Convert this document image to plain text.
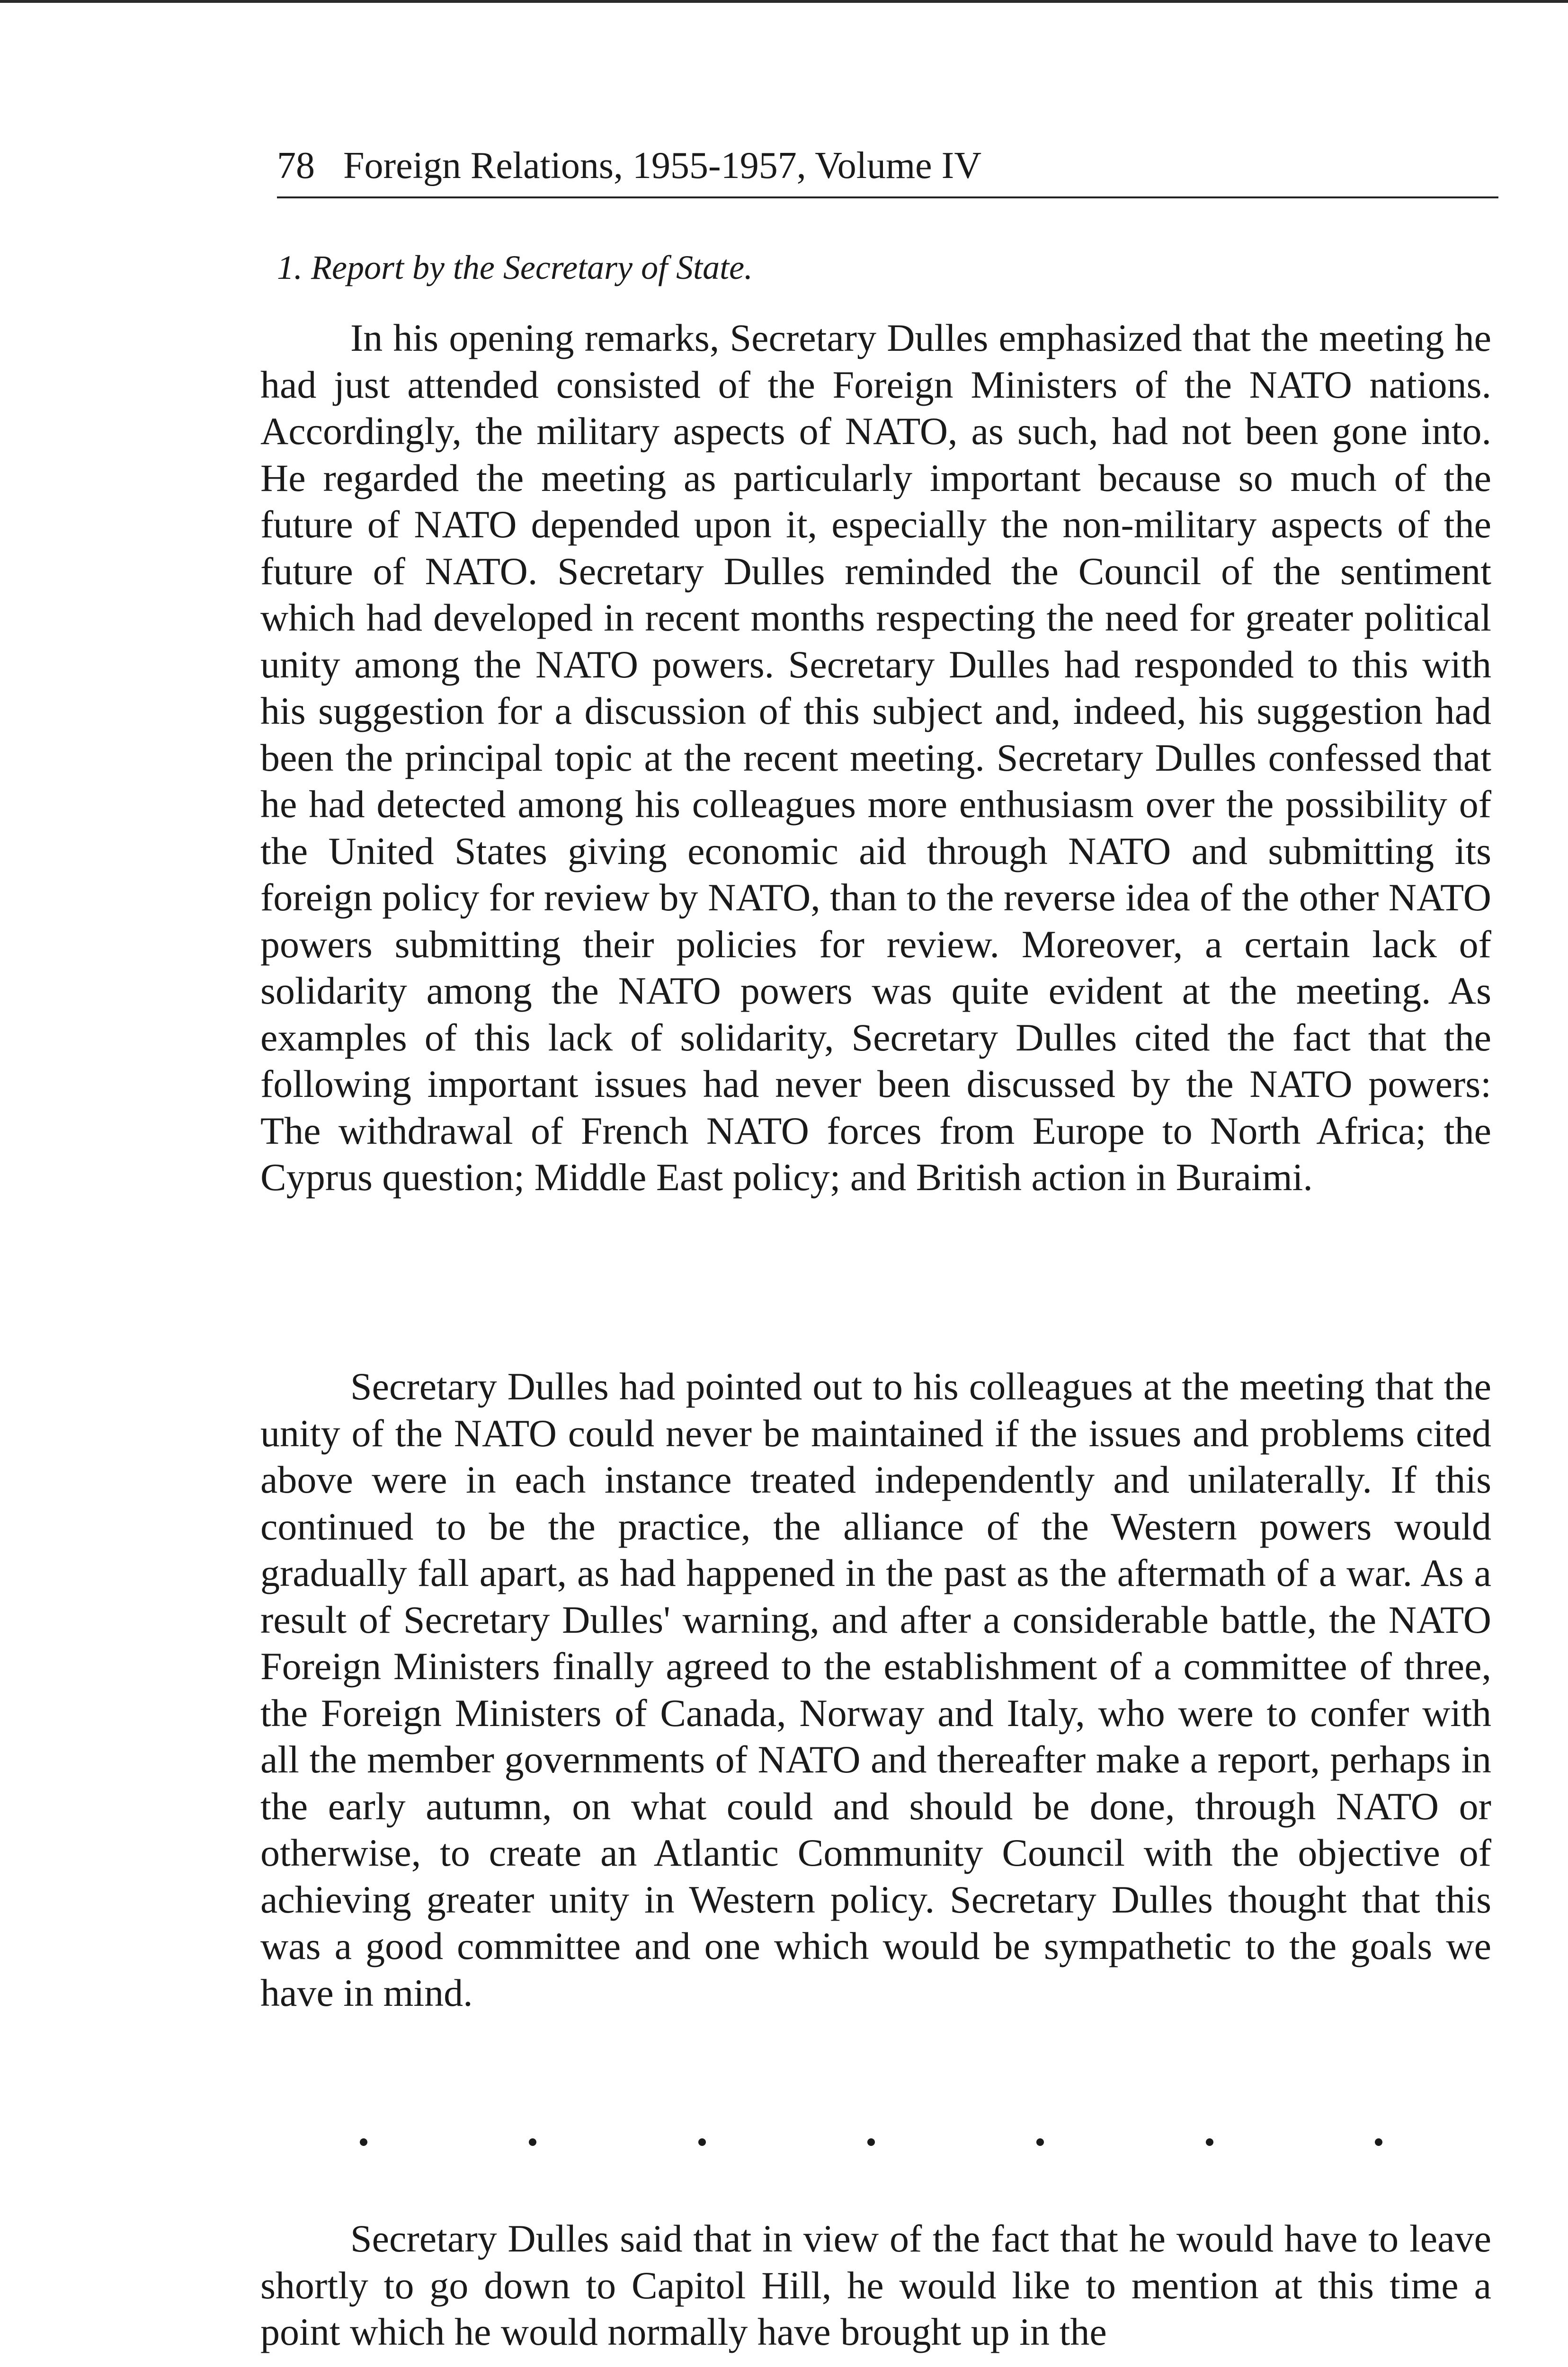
78 Foreign Relations, 1955-1957, Volume IV
1. Report by the Secretary of State.

In his opening remarks, Secretary Dulles emphasized that the meeting he had just attended consisted of the Foreign Ministers of the NATO nations. Accordingly, the military aspects of NATO, as such, had not been gone into. He regarded the meeting as particularly important because so much of the future of NATO depended upon it, especially the non-military aspects of the future of NATO. Secretary Dulles reminded the Council of the sentiment which had developed in recent months respecting the need for greater political unity among the NATO powers. Secretary Dulles had responded to this with his suggestion for a discussion of this subject and, indeed, his suggestion had been the principal topic at the recent meeting. Secretary Dulles confessed that he had detected among his colleagues more enthusiasm over the possibility of the United States giving economic aid through NATO and submitting its foreign policy for review by NATO, than to the reverse idea of the other NATO powers submitting their policies for review. Moreover, a certain lack of solidarity among the NATO powers was quite evident at the meeting. As examples of this lack of solidarity, Secretary Dulles cited the fact that the following important issues had never been discussed by the NATO powers: The withdrawal of French NATO forces from Europe to North Africa; the Cyprus question; Middle East policy; and British action in Buraimi.

Secretary Dulles had pointed out to his colleagues at the meeting that the unity of the NATO could never be maintained if the issues and problems cited above were in each instance treated independently and unilaterally. If this continued to be the practice, the alliance of the Western powers would gradually fall apart, as had happened in the past as the aftermath of a war. As a result of Secretary Dulles' warning, and after a considerable battle, the NATO Foreign Ministers finally agreed to the establishment of a committee of three, the Foreign Ministers of Canada, Norway and Italy, who were to confer with all the member governments of NATO and thereafter make a report, perhaps in the early autumn, on what could and should be done, through NATO or otherwise, to create an Atlantic Community Council with the objective of achieving greater unity in Western policy. Secretary Dulles thought that this was a good committee and one which would be sympathetic to the goals we have in mind.

Secretary Dulles said that in view of the fact that he would have to leave shortly to go down to Capitol Hill, he would like to mention at this time a point which he would normally have brought up in the
